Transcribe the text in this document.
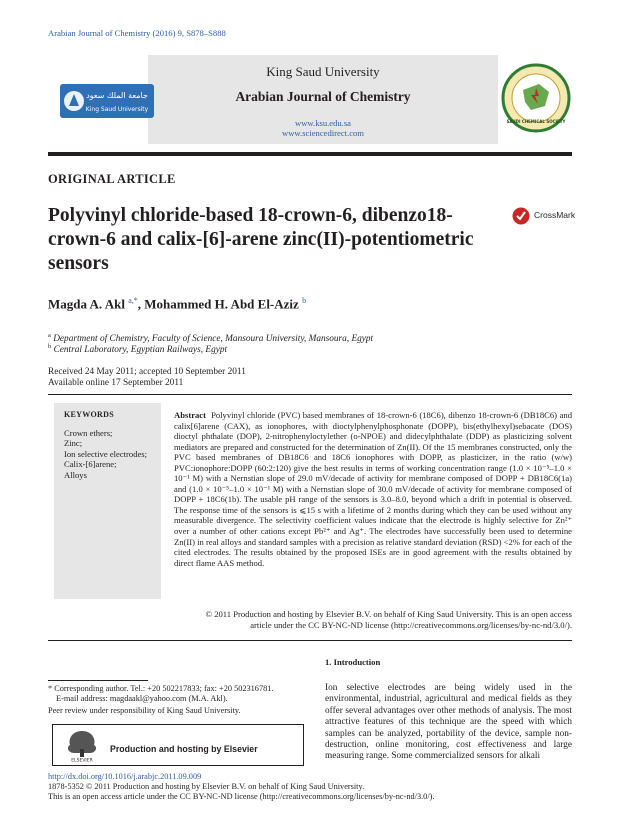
Arabian Journal of Chemistry (2016) 9, S878–S888
King Saud University
Arabian Journal of Chemistry
www.ksu.edu.sa
www.sciencedirect.com
جامعة الملك سعود
King Saud University
SAUDI CHEMICAL SOCIETY
ORIGINAL ARTICLE
Polyvinyl chloride-based 18-crown-6, dibenzo18-crown-6 and calix-[6]-arene zinc(II)-potentiometric sensors
CrossMark
Magda A. Akl $^{a,*}$, Mohammed H. Abd El-Aziz $^b$
$^a$ Department of Chemistry, Faculty of Science, Mansoura University, Mansoura, Egypt
$^b$ Central Laboratory, Egyptian Railways, Egypt
Received 24 May 2011; accepted 10 September 2011
Available online 17 September 2011
KEYWORDS
Crown ethers;
Zinc;
Ion selective electrodes;
Calix-[6]arene;
Alloys
Abstract Polyvinyl chloride (PVC) based membranes of 18-crown-6 (18C6), dibenzo 18-crown-6 (DB18C6) and calix[6]arene (CAX), as ionophores, with dioctylphenylphosphonate (DOPP), bis(ethylhexyl)sebacate (DOS) dioctyl phthalate (DOP), 2-nitrophenyloctylether (o-NPOE) and didecylphthalate (DDP) as plasticizing solvent mediators are prepared and constructed for the determination of Zn(II). Of the 15 membranes constructed, only the PVC based membranes of DB18C6 and 18C6 ionophores with DOPP, as plasticizer, in the ratio (w/w) PVC:ionophore:DOPP (60:2:120) give the best results in terms of working concentration range (1.0 × 10⁻⁵–1.0 × 10⁻¹ M) with a Nernstian slope of 29.0 mV/decade of activity for membrane composed of DOPP + DB18C6(1a) and (1.0 × 10⁻⁵–1.0 × 10⁻¹ M) with a Nernstian slope of 30.0 mV/decade of activity for membrane composed of DOPP + 18C6(1b). The usable pH range of the sensors is 3.0–8.0, beyond which a drift in potential is observed. The response time of the sensors is ⩽15 s with a lifetime of 2 months during which they can be used without any measurable divergence. The selectivity coefficient values indicate that the electrode is highly selective for Zn²⁺ over a number of other cations except Pb²⁺ and Ag⁺. The electrodes have successfully been used to determine Zn(II) in real alloys and standard samples with a precision as relative standard deviation (RSD) <2% for each of the cited electrodes. The results obtained by the proposed ISEs are in good agreement with the results obtained by direct flame AAS method.
© 2011 Production and hosting by Elsevier B.V. on behalf of King Saud University. This is an open access
article under the CC BY-NC-ND license (http://creativecommons.org/licenses/by-nc-nd/3.0/).
1. Introduction
Ion selective electrodes are being widely used in the environmental, industrial, agricultural and medical fields as they offer several advantages over other methods of analysis. The most attractive features of this technique are the speed with which samples can be analyzed, portability of the device, sample non-destruction, online monitoring, cost effectiveness and large measuring range. Some commercialized sensors for alkali
* Corresponding author. Tel.: +20 502217833; fax: +20 502316781.
E-mail address: magdaakl@yahoo.com (M.A. Akl).
Peer review under responsibility of King Saud University.
ELSEVIER
Production and hosting by Elsevier
http://dx.doi.org/10.1016/j.arabjc.2011.09.009
1878-5352 © 2011 Production and hosting by Elsevier B.V. on behalf of King Saud University.
This is an open access article under the CC BY-NC-ND license (http://creativecommons.org/licenses/by-nc-nd/3.0/).
